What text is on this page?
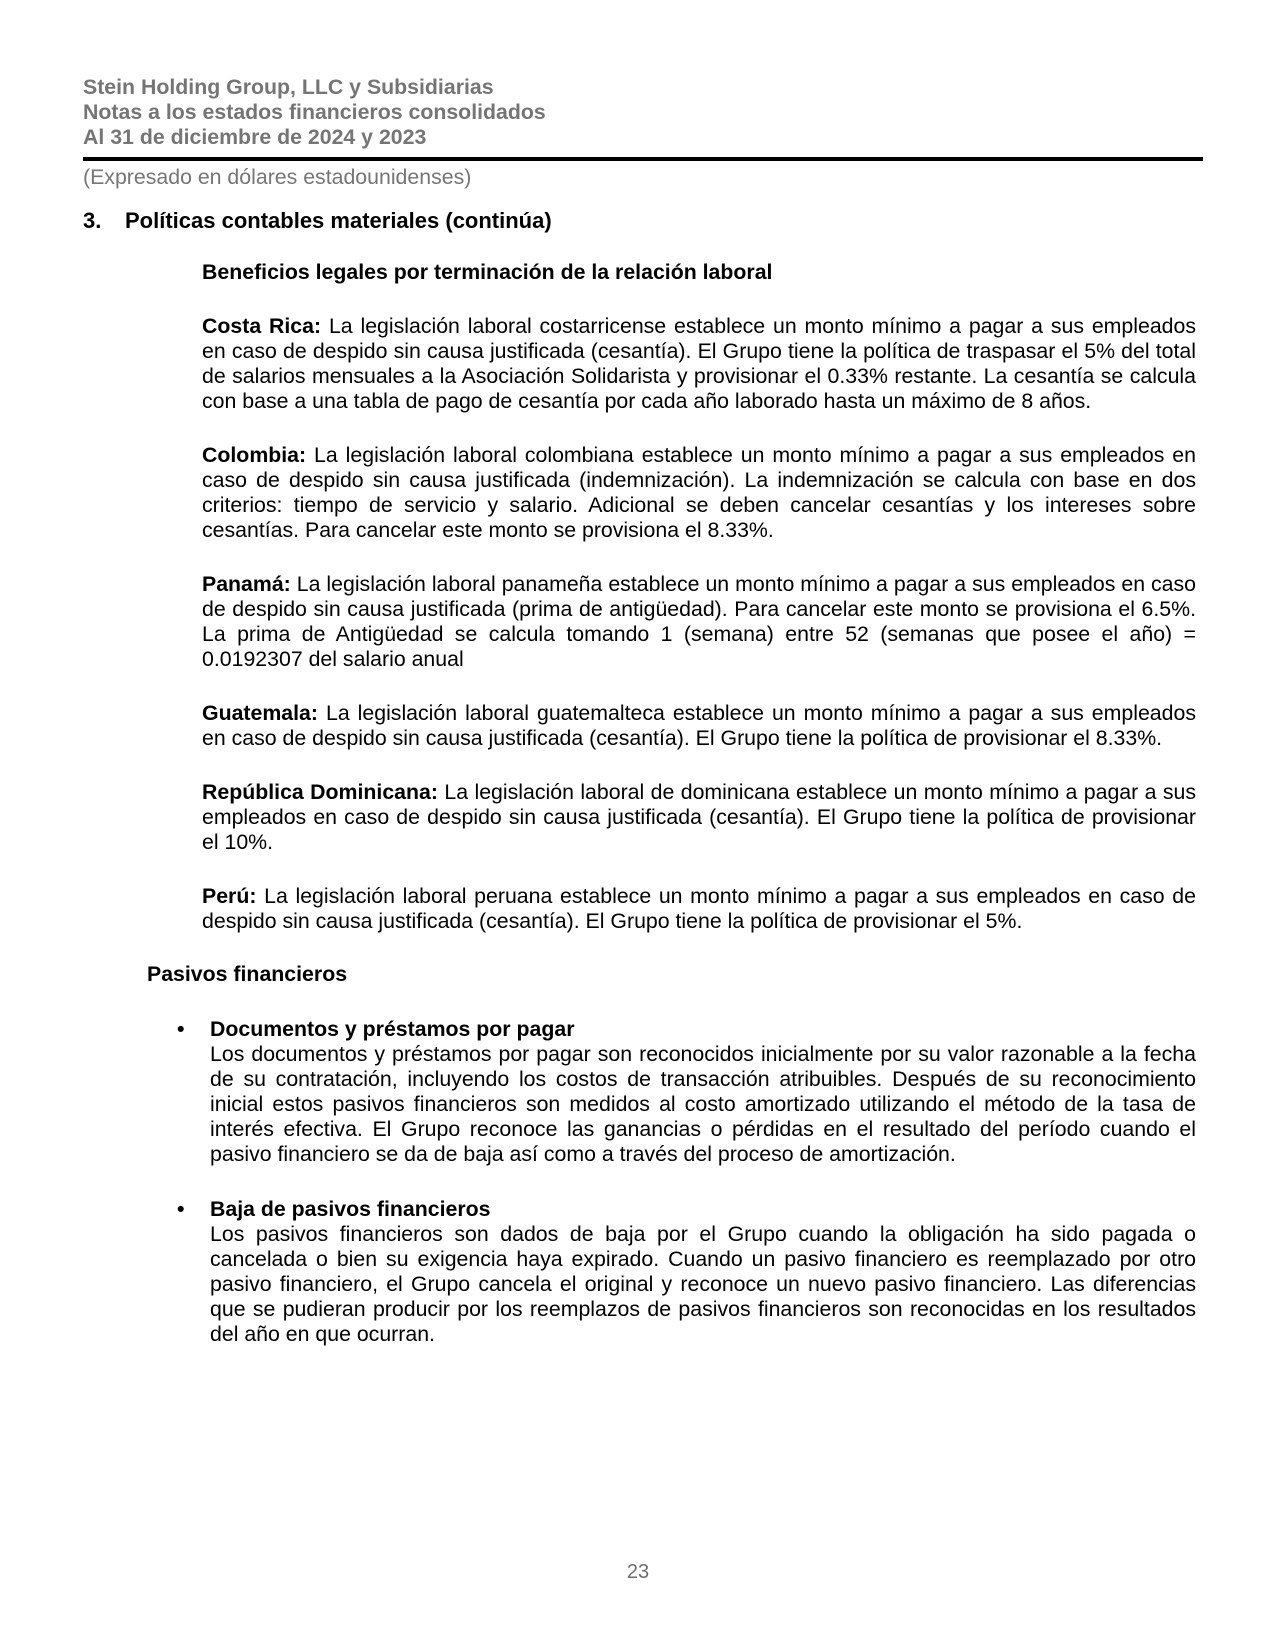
Stein Holding Group, LLC y Subsidiarias
Notas a los estados financieros consolidados
Al 31 de diciembre de 2024 y 2023
(Expresado en dólares estadounidenses)
3.	Políticas contables materiales (continúa)
Beneficios legales por terminación de la relación laboral

Costa Rica: La legislación laboral costarricense establece un monto mínimo a pagar a sus empleados en caso de despido sin causa justificada (cesantía). El Grupo tiene la política de traspasar el 5% del total de salarios mensuales a la Asociación Solidarista y provisionar el 0.33% restante. La cesantía se calcula con base a una tabla de pago de cesantía por cada año laborado hasta un máximo de 8 años.

Colombia: La legislación laboral colombiana establece un monto mínimo a pagar a sus empleados en caso de despido sin causa justificada (indemnización). La indemnización se calcula con base en dos criterios: tiempo de servicio y salario. Adicional se deben cancelar cesantías y los intereses sobre cesantías. Para cancelar este monto se provisiona el 8.33%.

Panamá: La legislación laboral panameña establece un monto mínimo a pagar a sus empleados en caso de despido sin causa justificada (prima de antigüedad). Para cancelar este monto se provisiona el 6.5%. La prima de Antigüedad se calcula tomando 1 (semana) entre 52 (semanas que posee el año) = 0.0192307 del salario anual

Guatemala: La legislación laboral guatemalteca establece un monto mínimo a pagar a sus empleados en caso de despido sin causa justificada (cesantía). El Grupo tiene la política de provisionar el 8.33%.

República Dominicana: La legislación laboral de dominicana establece un monto mínimo a pagar a sus empleados en caso de despido sin causa justificada (cesantía). El Grupo tiene la política de provisionar el 10%.

Perú: La legislación laboral peruana establece un monto mínimo a pagar a sus empleados en caso de despido sin causa justificada (cesantía). El Grupo tiene la política de provisionar el 5%.

Pasivos financieros
•	Documentos y préstamos por pagar

Los documentos y préstamos por pagar son reconocidos inicialmente por su valor razonable a la fecha de su contratación, incluyendo los costos de transacción atribuibles. Después de su reconocimiento inicial estos pasivos financieros son medidos al costo amortizado utilizando el método de la tasa de interés efectiva. El Grupo reconoce las ganancias o pérdidas en el resultado del período cuando el pasivo financiero se da de baja así como a través del proceso de amortización.

•	Baja de pasivos financieros

Los pasivos financieros son dados de baja por el Grupo cuando la obligación ha sido pagada o cancelada o bien su exigencia haya expirado. Cuando un pasivo financiero es reemplazado por otro pasivo financiero, el Grupo cancela el original y reconoce un nuevo pasivo financiero. Las diferencias que se pudieran producir por los reemplazos de pasivos financieros son reconocidas en los resultados del año en que ocurran.

23
